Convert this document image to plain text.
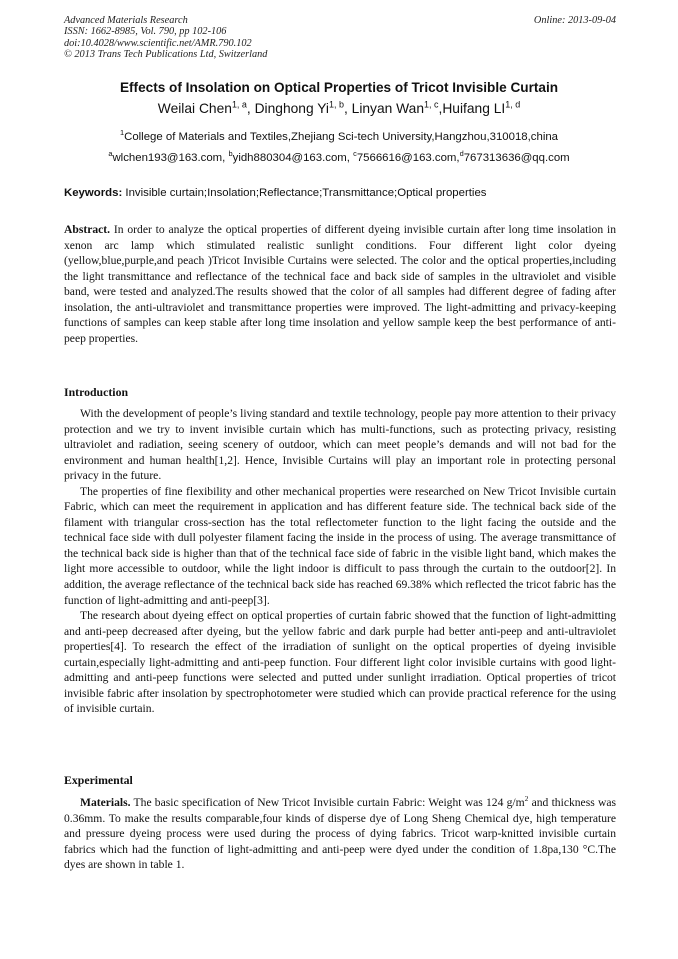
Advanced Materials Research
ISSN: 1662-8985, Vol. 790, pp 102-106
doi:10.4028/www.scientific.net/AMR.790.102
© 2013 Trans Tech Publications Ltd, Switzerland
Online: 2013-09-04
Effects of Insolation on Optical Properties of Tricot Invisible Curtain
Weilai Chen$^{1, a}$, Dinghong Yi$^{1, b}$, Linyan Wan$^{1, c}$,Huifang LI$^{1, d}$
$^1$College of Materials and Textiles,Zhejiang Sci-tech University,Hangzhou,310018,china
$^a$wlchen193@163.com, $^b$yidh880304@163.com, $^c$7566616@163.com,$^d$767313636@qq.com
Keywords: Invisible curtain;Insolation;Reflectance;Transmittance;Optical properties

Abstract. In order to analyze the optical properties of different dyeing invisible curtain after long time insolation in xenon arc lamp which stimulated realistic sunlight conditions. Four different light color dyeing (yellow,blue,purple,and peach )Tricot Invisible Curtains were selected. The color and the optical properties,including the light transmittance and reflectance of the technical face and back side of samples in the ultraviolet and visible band, were tested and analyzed.The results showed that the color of all samples had different degree of fading after insolation, the anti-ultraviolet and transmittance properties were improved. The light-admitting and privacy-keeping functions of samples can keep stable after long time insolation and yellow sample keep the best performance of anti-peep properties.

Introduction

With the development of people’s living standard and textile technology, people pay more attention to their privacy protection and we try to invent invisible curtain which has multi-functions, such as protecting privacy, resisting ultraviolet and radiation, seeing scenery of outdoor, which can meet people’s demands and will not bad for the environment and human health[1,2]. Hence, Invisible Curtains will play an important role in protecting personal privacy in the future.

The properties of fine flexibility and other mechanical properties were researched on New Tricot Invisible curtain Fabric, which can meet the requirement in application and has different feature side. The technical back side of the filament with triangular cross-section has the total reflectometer function to the light facing the outside and the technical face side with dull polyester filament facing the inside in the process of using. The average transmittance of the technical back side is higher than that of the technical face side of fabric in the visible light band, which makes the light more accessible to outdoor, while the light indoor is difficult to pass through the curtain to the outdoor[2]. In addition, the average reflectance of the technical back side has reached 69.38% which reflected the tricot fabric has the function of light-admitting and anti-peep[3].

The research about dyeing effect on optical properties of curtain fabric showed that the function of light-admitting and anti-peep decreased after dyeing, but the yellow fabric and dark purple had better anti-peep and anti-ultraviolet properties[4]. To research the effect of the irradiation of sunlight on the optical properties of dyeing invisible curtain,especially light-admitting and anti-peep function. Four different light color invisible curtains with good light-admitting and anti-peep functions were selected and putted under sunlight irradiation. Optical properties of tricot invisible fabric after insolation by spectrophotometer were studied which can provide practical reference for the using of invisible curtain.

Experimental

Materials. The basic specification of New Tricot Invisible curtain Fabric: Weight was 124 $g/m^2$ and thickness was 0.36mm. To make the results comparable,four kinds of disperse dye of Long Sheng Chemical dye, high temperature and pressure dyeing process were used during the process of dying fabrics. Tricot warp-knitted invisible curtain fabrics which had the function of light-admitting and anti-peep were dyed under the condition of 1.8pa,130 °C.The dyes are shown in table 1.
